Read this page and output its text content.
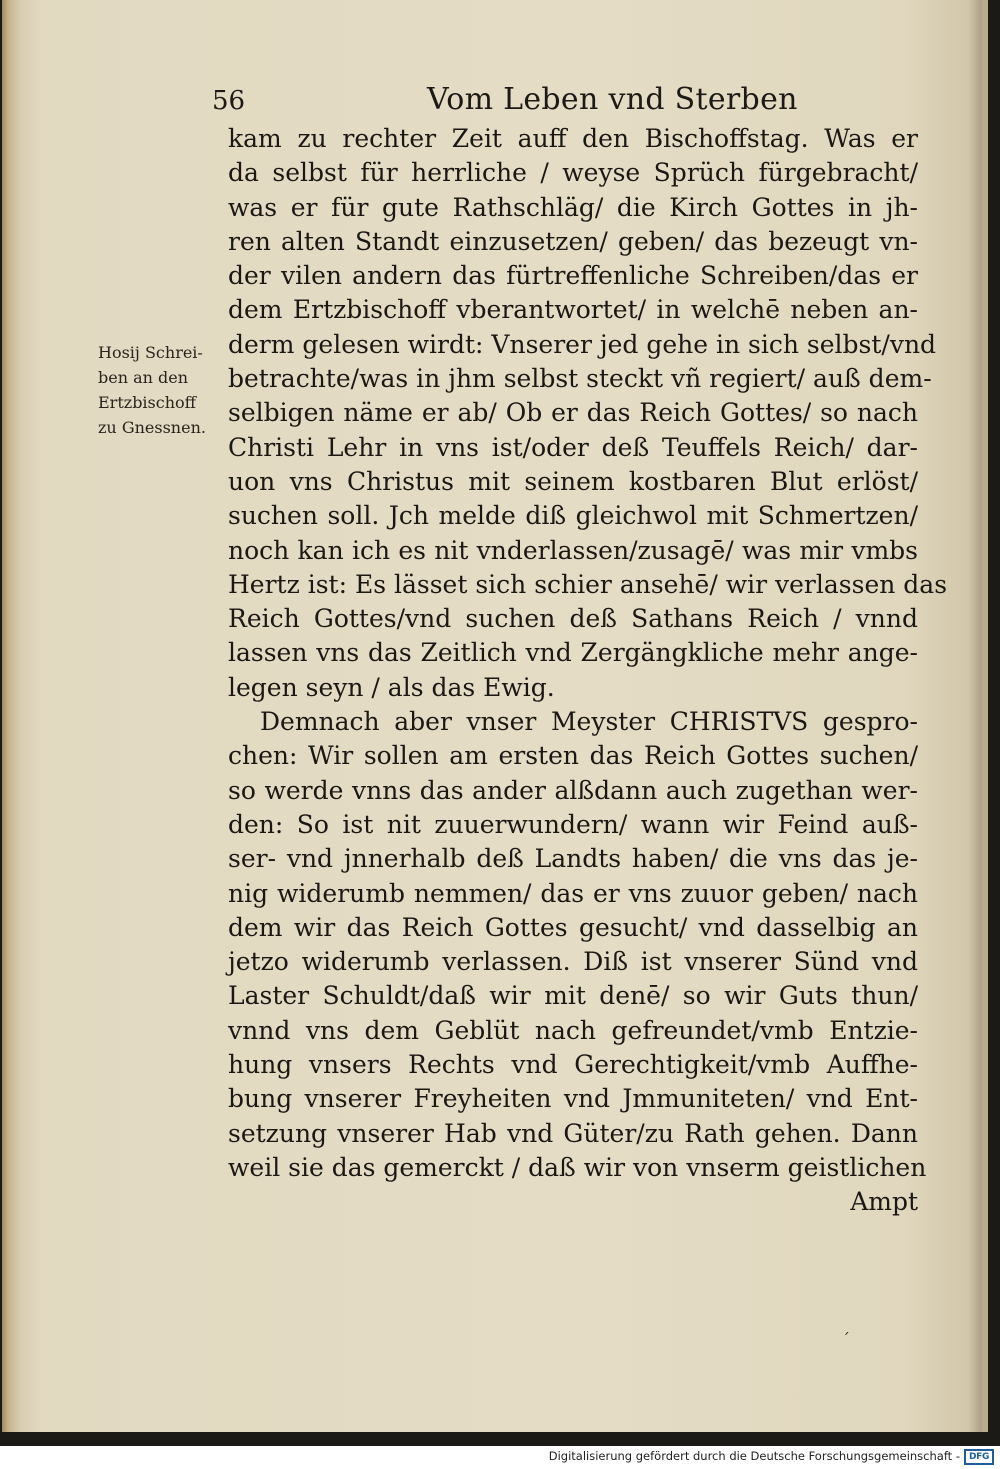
56	Vom Leben vnd Sterben
Hosij Schrei-
ben an den
Ertzbischoff
zu Gnessnen.
kam zu rechter Zeit auff den Bischoffstag. Was er
da selbst für herrliche / weyse Sprüch fürgebracht/
was er für gute Rathschläg/ die Kirch Gottes in jh-
ren alten Standt einzusetzen/ geben/ das bezeugt vn-
der vilen andern das fürtreffenliche Schreiben/das er
dem Ertzbischoff vberantwortet/ in welchē neben an-
derm gelesen wirdt: Vnserer jed gehe in sich selbst/vnd
betrachte/was in jhm selbst steckt vñ regiert/ auß dem-
selbigen näme er ab/ Ob er das Reich Gottes/ so nach
Christi Lehr in vns ist/oder deß Teuffels Reich/ dar-
uon vns Christus mit seinem kostbaren Blut erlöst/
suchen soll. Jch melde diß gleichwol mit Schmertzen/
noch kan ich es nit vnderlassen/zusagē/ was mir vmbs
Hertz ist: Es lässet sich schier ansehē/ wir verlassen das
Reich Gottes/vnd suchen deß Sathans Reich / vnnd
lassen vns das Zeitlich vnd Zergängkliche mehr ange-
legen seyn / als das Ewig.
Demnach aber vnser Meyster CHRISTVS gespro-
chen: Wir sollen am ersten das Reich Gottes suchen/
so werde vnns das ander alßdann auch zugethan wer-
den: So ist nit zuuerwundern/ wann wir Feind auß-
ser- vnd jnnerhalb deß Landts haben/ die vns das je-
nig widerumb nemmen/ das er vns zuuor geben/ nach
dem wir das Reich Gottes gesucht/ vnd dasselbig an
jetzo widerumb verlassen. Diß ist vnserer Sünd vnd
Laster Schuldt/daß wir mit denē/ so wir Guts thun/
vnnd vns dem Geblüt nach gefreundet/vmb Entzie-
hung vnsers Rechts vnd Gerechtigkeit/vmb Auffhe-
bung vnserer Freyheiten vnd Jmmuniteten/ vnd Ent-
setzung vnserer Hab vnd Güter/zu Rath gehen. Dann
weil sie das gemerckt / daß wir von vnserm geistlichen
Ampt
ˊ
Digitalisierung gefördert durch die Deutsche Forschungsgemeinschaft - DFG
